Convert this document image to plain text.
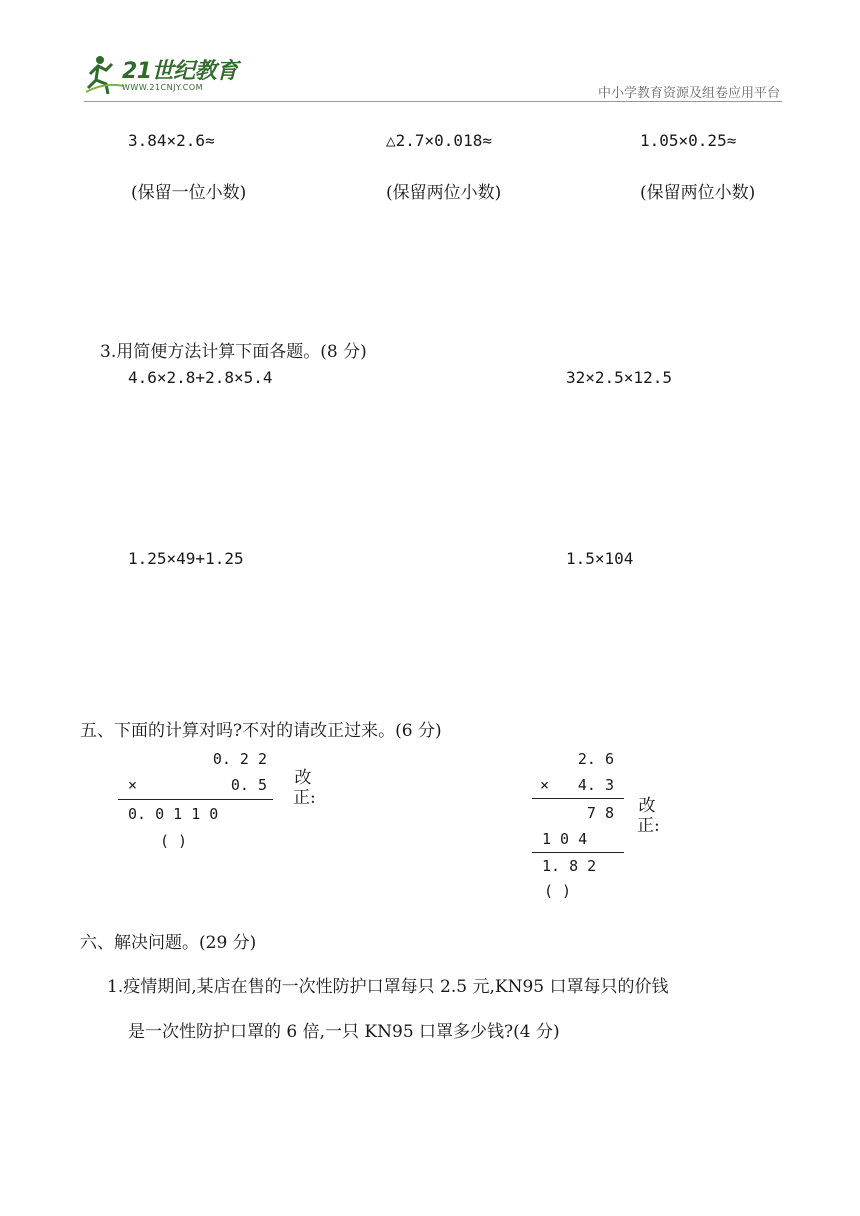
21世纪教育
WWW.21CNJY.COM	中小学教育资源及组卷应用平台
3.84×2.6≈
(保留一位小数)
△2.7×0.018≈
(保留两位小数)
1.05×0.25≈
(保留两位小数)
3.用简便方法计算下面各题。(8 分)
4.6×2.8+2.8×5.4	32×2.5×12.5
1.25×49+1.25	1.5×104
五、下面的计算对吗?不对的请改正过来。(6 分)
0. 2 2
×	0. 5
0. 0 1 1 0
( )
改正:
2. 6
× 4. 3
7 8
1 0 4
1. 8 2
( )
改正:
六、解决问题。(29 分)
1.疫情期间,某店在售的一次性防护口罩每只 2.5 元,KN95 口罩每只的价钱
是一次性防护口罩的 6 倍,一只 KN95 口罩多少钱?(4 分)
